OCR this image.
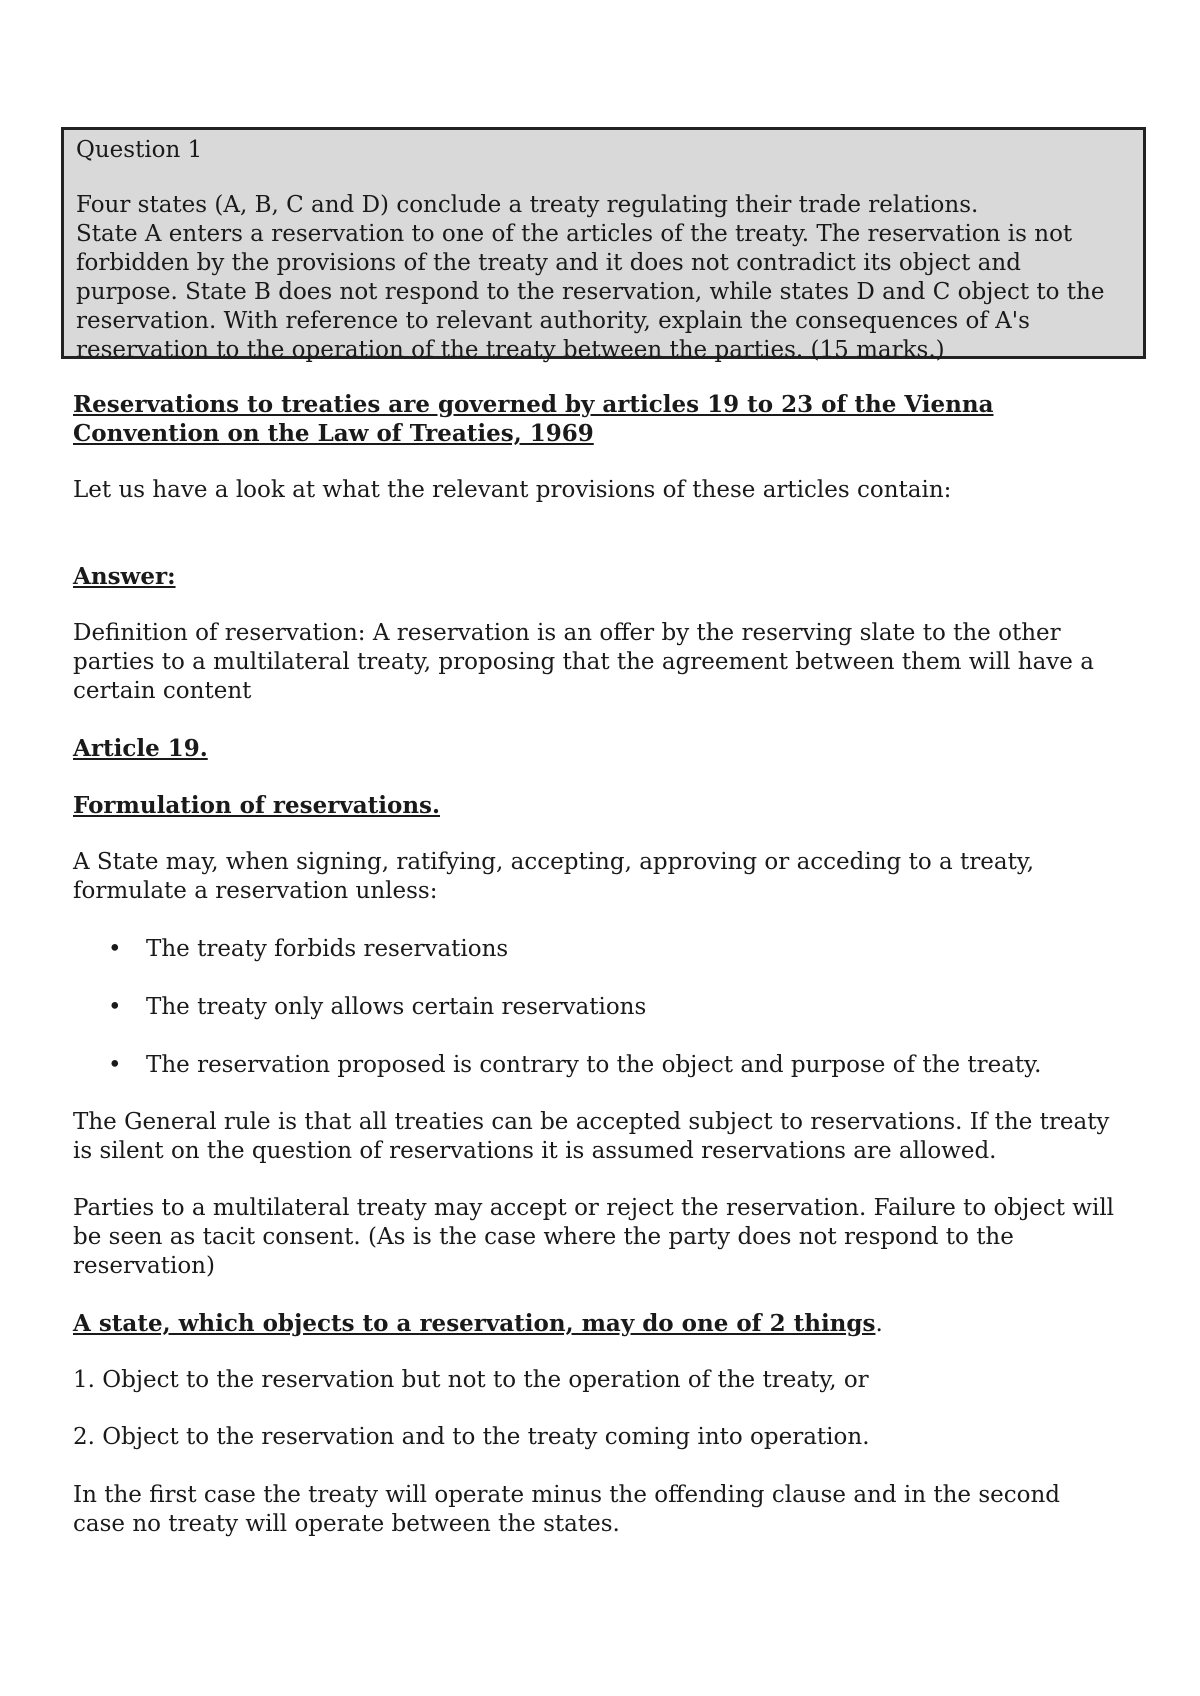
Question 1
Four states (A, B, C and D) conclude a treaty regulating their trade relations.
State A enters a reservation to one of the articles of the treaty. The reservation is not
forbidden by the provisions of the treaty and it does not contradict its object and
purpose. State B does not respond to the reservation, while states D and C object to the
reservation. With reference to relevant authority, explain the consequences of A's
reservation to the operation of the treaty between the parties. (15 marks.)
Reservations to treaties are governed by articles 19 to 23 of the Vienna
Convention on the Law of Treaties, 1969
Let us have a look at what the relevant provisions of these articles contain:
Answer:
Definition of reservation: A reservation is an offer by the reserving slate to the other
parties to a multilateral treaty, proposing that the agreement between them will have a
certain content
Article 19.
Formulation of reservations.
A State may, when signing, ratifying, accepting, approving or acceding to a treaty,
formulate a reservation unless:
• The treaty forbids reservations
• The treaty only allows certain reservations
• The reservation proposed is contrary to the object and purpose of the treaty.
The General rule is that all treaties can be accepted subject to reservations. If the treaty
is silent on the question of reservations it is assumed reservations are allowed.
Parties to a multilateral treaty may accept or reject the reservation. Failure to object will
be seen as tacit consent. (As is the case where the party does not respond to the
reservation)
A state, which objects to a reservation, may do one of 2 things.
1. Object to the reservation but not to the operation of the treaty, or
2. Object to the reservation and to the treaty coming into operation.
In the first case the treaty will operate minus the offending clause and in the second
case no treaty will operate between the states.
